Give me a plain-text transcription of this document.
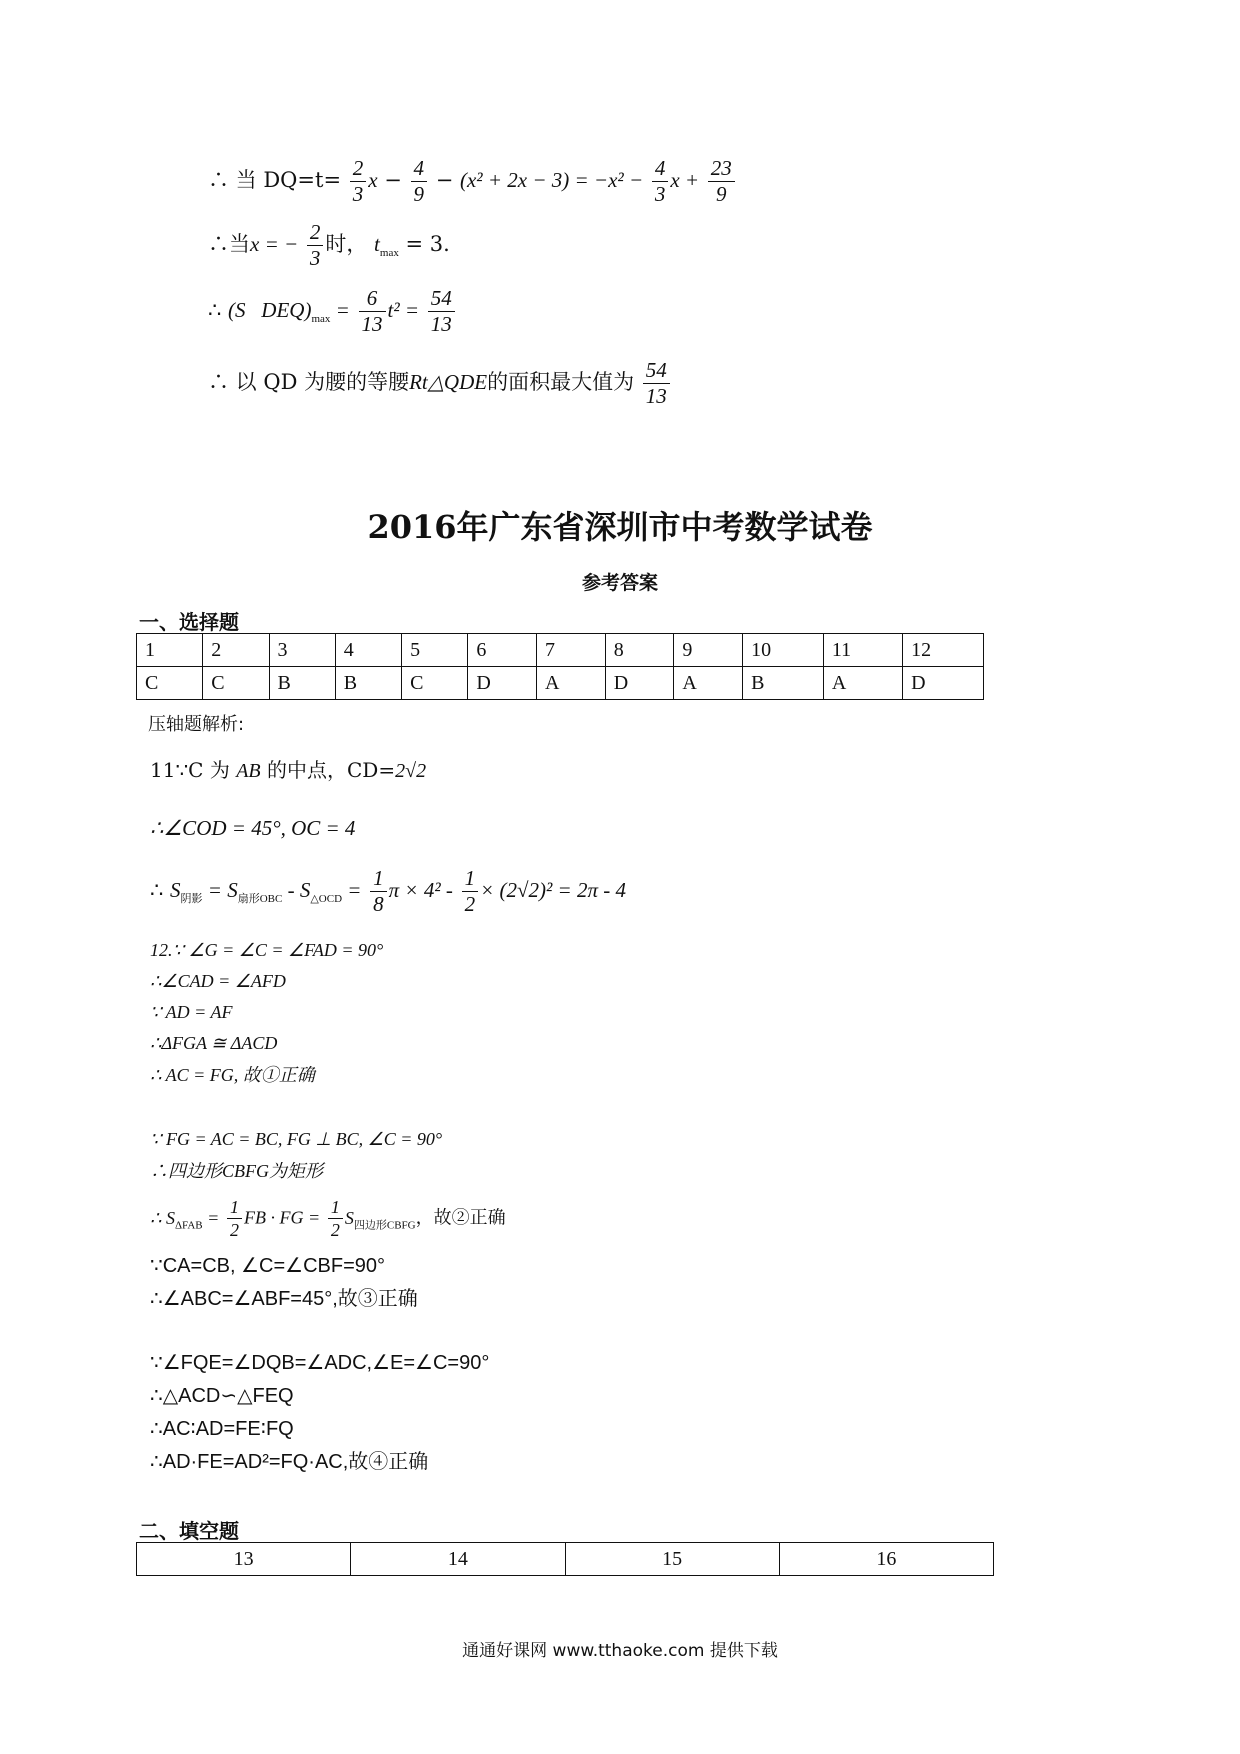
∴ 当 $DQ=t= \frac{2}{3}$ $x - \frac{4}{9} - (x^2 + 2x - 3) = -x^2 - \frac{4}{3}$ $x + \frac{23}{9}$
∴当x = − $\frac{2}{3}$ 时， $t_{max} = 3$.
∴ (S   $DEQ)_{max} = \frac{6}{13} t^2 = \frac{54}{13}$
∴ 以 QD 为腰的等腰Rt△QDE的面积最大值为 $\frac{54}{13}$
2016年广东省深圳市中考数学试卷
参考答案
一、选择题
1	2	3	4	5	6	7	8	9	10	11	12
C	C	B	B	C	D	A	D	A	B	A	D
压轴题解析:
11∵C 为 AB 的中点，CD=2√2
∴∠COD = 45°, OC = 4
∴ $S_{阴影} = S_{扇形OBC} - S_{\triangle OCD} = \frac{1}{8}$ $\pi \times 4^2 - \frac{1}{2} \times (2√2)^2 = 2\pi - 4$
12.∵ ∠G = ∠C = ∠FAD = 90°
∴∠CAD = ∠AFD
∵ AD = AF
∴ΔFGA ≅ ΔACD
∴ AC = FG, 故①正确
∵ FG = AC = BC, FG ⊥ BC, ∠C = 90°
∴四边形CBFG为矩形
∴ $S_{\Delta FAB} = \frac{1}{2}$ FB · FG = $\frac{1}{2} S_{四边形CBFG}$，故②正确
∵CA=CB, ∠C=∠CBF=90°
∴∠ABC=∠ABF=45°,故③正确
∵∠FQE=∠DQB=∠ADC,∠E=∠C=90°
∴△ACD∽△FEQ
∴AC∶AD=FE∶FQ
∴AD·FE=AD²=FQ·AC,故④正确
二、填空题
13	14	15	16
通通好课网 www.tthaoke.com 提供下载
